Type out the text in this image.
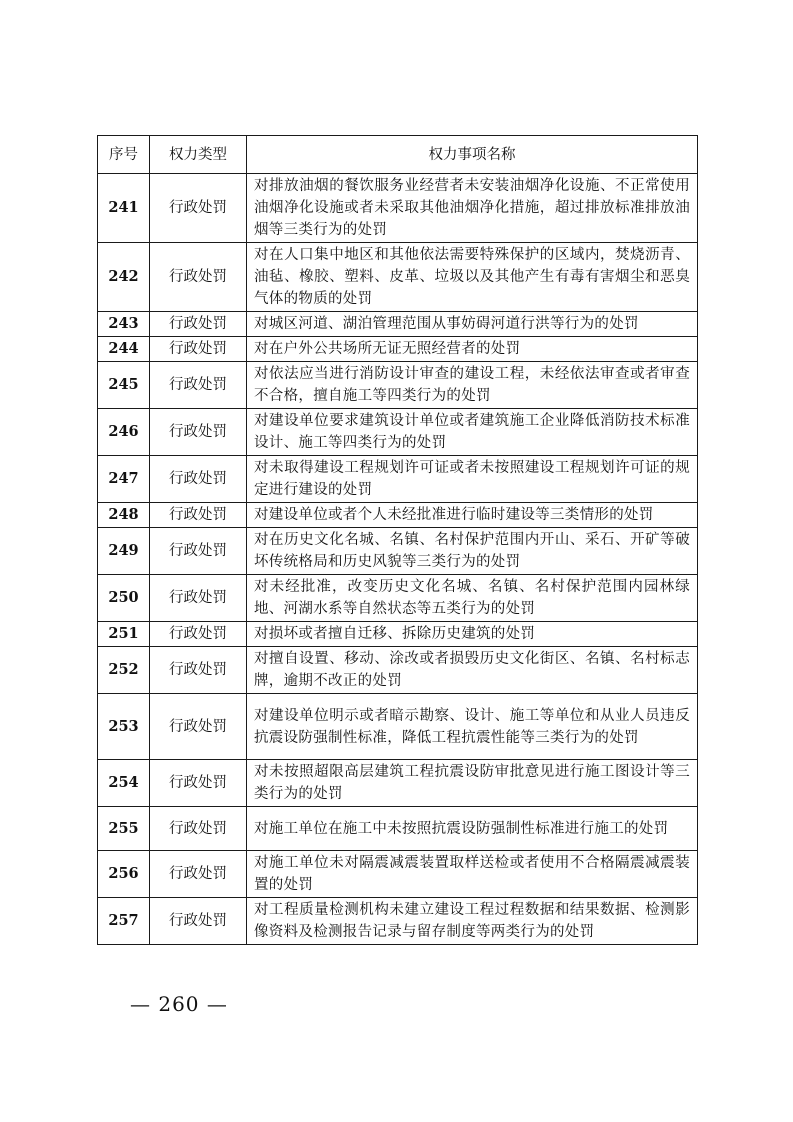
序号	权力类型	权力事项名称
241	行政处罚	对排放油烟的餐饮服务业经营者未安装油烟净化设施、不正常使用油烟净化设施或者未采取其他油烟净化措施，超过排放标准排放油烟等三类行为的处罚
242	行政处罚	对在人口集中地区和其他依法需要特殊保护的区域内，焚烧沥青、油毡、橡胶、塑料、皮革、垃圾以及其他产生有毒有害烟尘和恶臭气体的物质的处罚
243	行政处罚	对城区河道、湖泊管理范围从事妨碍河道行洪等行为的处罚
244	行政处罚	对在户外公共场所无证无照经营者的处罚
245	行政处罚	对依法应当进行消防设计审查的建设工程，未经依法审查或者审查不合格，擅自施工等四类行为的处罚
246	行政处罚	对建设单位要求建筑设计单位或者建筑施工企业降低消防技术标准设计、施工等四类行为的处罚
247	行政处罚	对未取得建设工程规划许可证或者未按照建设工程规划许可证的规定进行建设的处罚
248	行政处罚	对建设单位或者个人未经批准进行临时建设等三类情形的处罚
249	行政处罚	对在历史文化名城、名镇、名村保护范围内开山、采石、开矿等破坏传统格局和历史风貌等三类行为的处罚
250	行政处罚	对未经批准，改变历史文化名城、名镇、名村保护范围内园林绿地、河湖水系等自然状态等五类行为的处罚
251	行政处罚	对损坏或者擅自迁移、拆除历史建筑的处罚
252	行政处罚	对擅自设置、移动、涂改或者损毁历史文化街区、名镇、名村标志牌，逾期不改正的处罚
253	行政处罚	对建设单位明示或者暗示勘察、设计、施工等单位和从业人员违反抗震设防强制性标准，降低工程抗震性能等三类行为的处罚
254	行政处罚	对未按照超限高层建筑工程抗震设防审批意见进行施工图设计等三类行为的处罚
255	行政处罚	对施工单位在施工中未按照抗震设防强制性标准进行施工的处罚
256	行政处罚	对施工单位未对隔震减震装置取样送检或者使用不合格隔震减震装置的处罚
257	行政处罚	对工程质量检测机构未建立建设工程过程数据和结果数据、检测影像资料及检测报告记录与留存制度等两类行为的处罚
— 260 —
